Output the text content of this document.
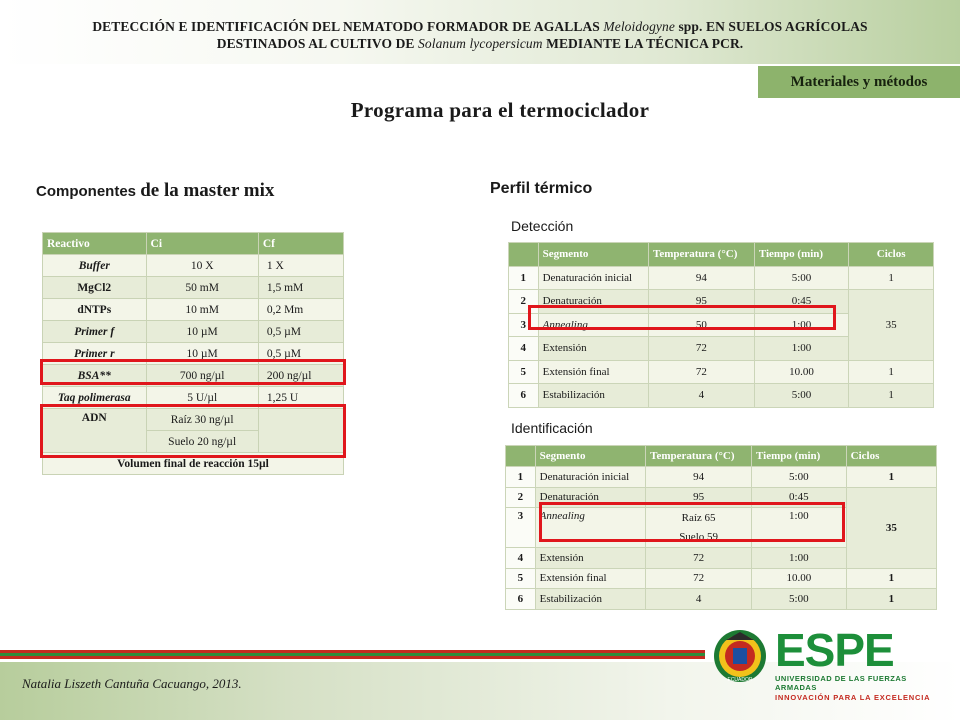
DETECCIÓN E IDENTIFICACIÓN DEL NEMATODO FORMADOR DE AGALLAS Meloidogyne spp. EN SUELOS AGRÍCOLAS
DESTINADOS AL CULTIVO DE Solanum lycopersicum MEDIANTE LA TÉCNICA PCR.
Materiales y métodos
Programa para el termociclador
Componentes de la master mix
Reactivo	Ci	Cf
Buffer	10 X	1 X
MgCl2	50 mM	1,5 mM
dNTPs	10 mM	0,2 Mm
Primer f	10 µM	0,5 µM
Primer r	10 µM	0,5 µM
BSA**	700 ng/µl	200 ng/µl
Taq polimerasa	5 U/µl	1,25 U
ADN	Raíz 30 ng/µl	
	Suelo 20 ng/µl	
Volumen final de reacción 15µl		
Perfil térmico
Detección
	Segmento	Temperatura (°C)	Tiempo (min)	Ciclos
1	Denaturación inicial	94	5:00	1
2	Denaturación	95	0:45	35
3	Annealing	50	1:00	
4	Extensión	72	1:00	
5	Extensión final	72	10.00	1
6	Estabilización	4	5:00	1
Identificación
	Segmento	Temperatura (°C)	Tiempo (min)	Ciclos
1	Denaturación inicial	94	5:00	1
2	Denaturación	95	0:45	35
3	Annealing	Raíz 65	1:00	
		Suelo 59		
4	Extensión	72	1:00	
5	Extensión final	72	10.00	1
6	Estabilización	4	5:00	1
Natalia Liszeth Cantuña Cacuango, 2013.	ECUADOR
ESPE
UNIVERSIDAD DE LAS FUERZAS ARMADAS
INNOVACIÓN PARA LA EXCELENCIA
